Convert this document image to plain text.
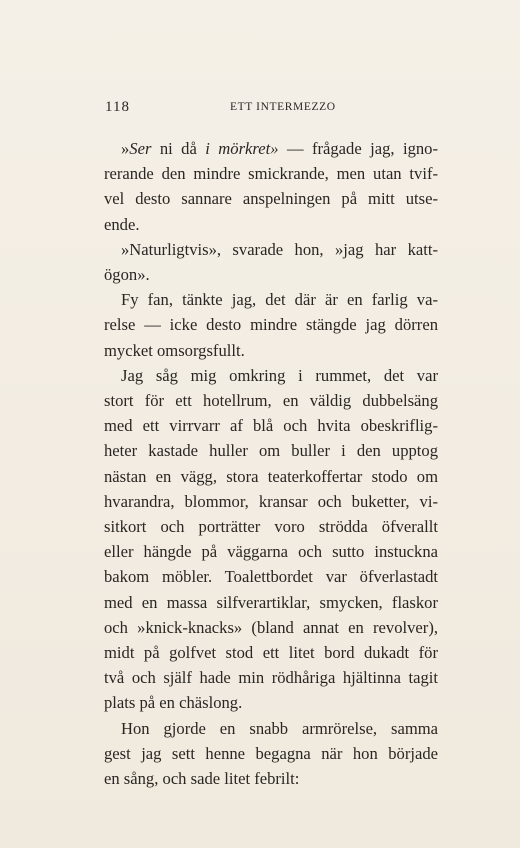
118	ETT INTERMEZZO

»Ser ni då i mörkret» — frågade jag, igno-
rerande den mindre smickrande, men utan tvif-
vel desto sannare anspelningen på mitt utse-
ende.

»Naturligtvis», svarade hon, »jag har katt-
ögon».

Fy fan, tänkte jag, det där är en farlig va-
relse — icke desto mindre stängde jag dörren
mycket omsorgsfullt.

Jag såg mig omkring i rummet, det var
stort för ett hotellrum, en väldig dubbelsäng
med ett virrvarr af blå och hvita obeskriflig-
heter kastade huller om buller i den upptog
nästan en vägg, stora teaterkoffertar stodo om
hvarandra, blommor, kransar och buketter, vi-
sitkort och porträtter voro strödda öfverallt
eller hängde på väggarna och sutto instuckna
bakom möbler. Toalettbordet var öfverlastadt
med en massa silfverartiklar, smycken, flaskor
och »knick-knacks» (bland annat en revolver),
midt på golfvet stod ett litet bord dukadt för
två och själf hade min rödhåriga hjältinna tagit
plats på en chäslong.

Hon gjorde en snabb armrörelse, samma
gest jag sett henne begagna när hon började
en sång, och sade litet febrilt:
